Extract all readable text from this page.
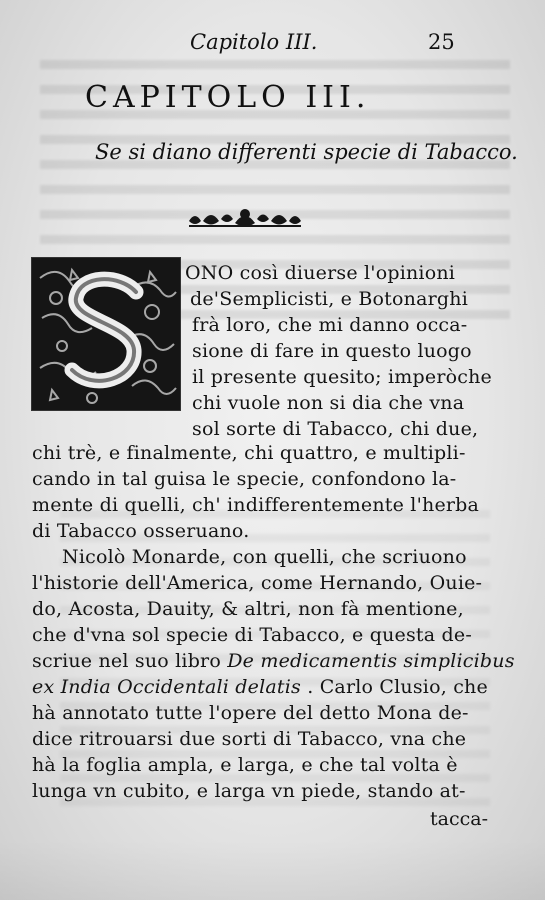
Capitolo III.	25
CAPITOLO III.
Se si diano differenti specie di Tabacco.
ONO così diuerse l'opinioni
de'Semplicisti, e Botonarghi
frà loro, che mi danno occa-
sione di fare in questo luogo
il presente quesito; imperòche
chi vuole non si dia che vna
sol sorte di Tabacco, chi due,
chi trè, e finalmente, chi quattro, e multipli-
cando in tal guisa le specie, confondono la-
mente di quelli, ch' indifferentemente l'herba
di Tabacco osseruano.
Nicolò Monarde, con quelli, che scriuono
l'historie dell'America, come Hernando, Ouie-
do, Acosta, Dauity, & altri, non fà mentione,
che d'vna sol specie di Tabacco, e questa de-
scriue nel suo libro De medicamentis simplicibus
ex India Occidentali delatis . Carlo Clusio, che
hà annotato tutte l'opere del detto Mona de-
dice ritrouarsi due sorti di Tabacco, vna che
hà la foglia ampla, e larga, e che tal volta è
lunga vn cubito, e larga vn piede, stando at-
tacca-
